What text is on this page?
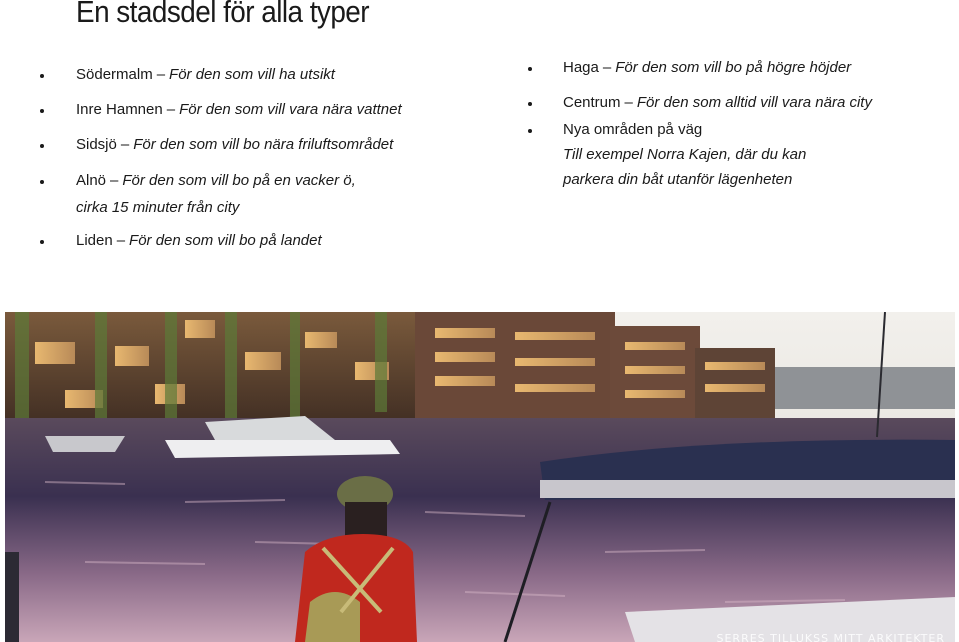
En stadsdel för alla typer
Södermalm – För den som vill ha utsikt
Inre Hamnen – För den som vill vara nära vattnet
Sidsjö – För den som vill bo nära friluftsområdet
Alnö – För den som vill bo på en vacker ö,
cirka 15 minuter från city
Liden – För den som vill bo på landet
Haga – För den som vill bo på högre höjder
Centrum – För den som alltid vill vara nära city
Nya områden på väg
Till exempel Norra Kajen, där du kan
parkera din båt utanför lägenheten
SERRES TILLUKSS MITT ARKITEKTER
